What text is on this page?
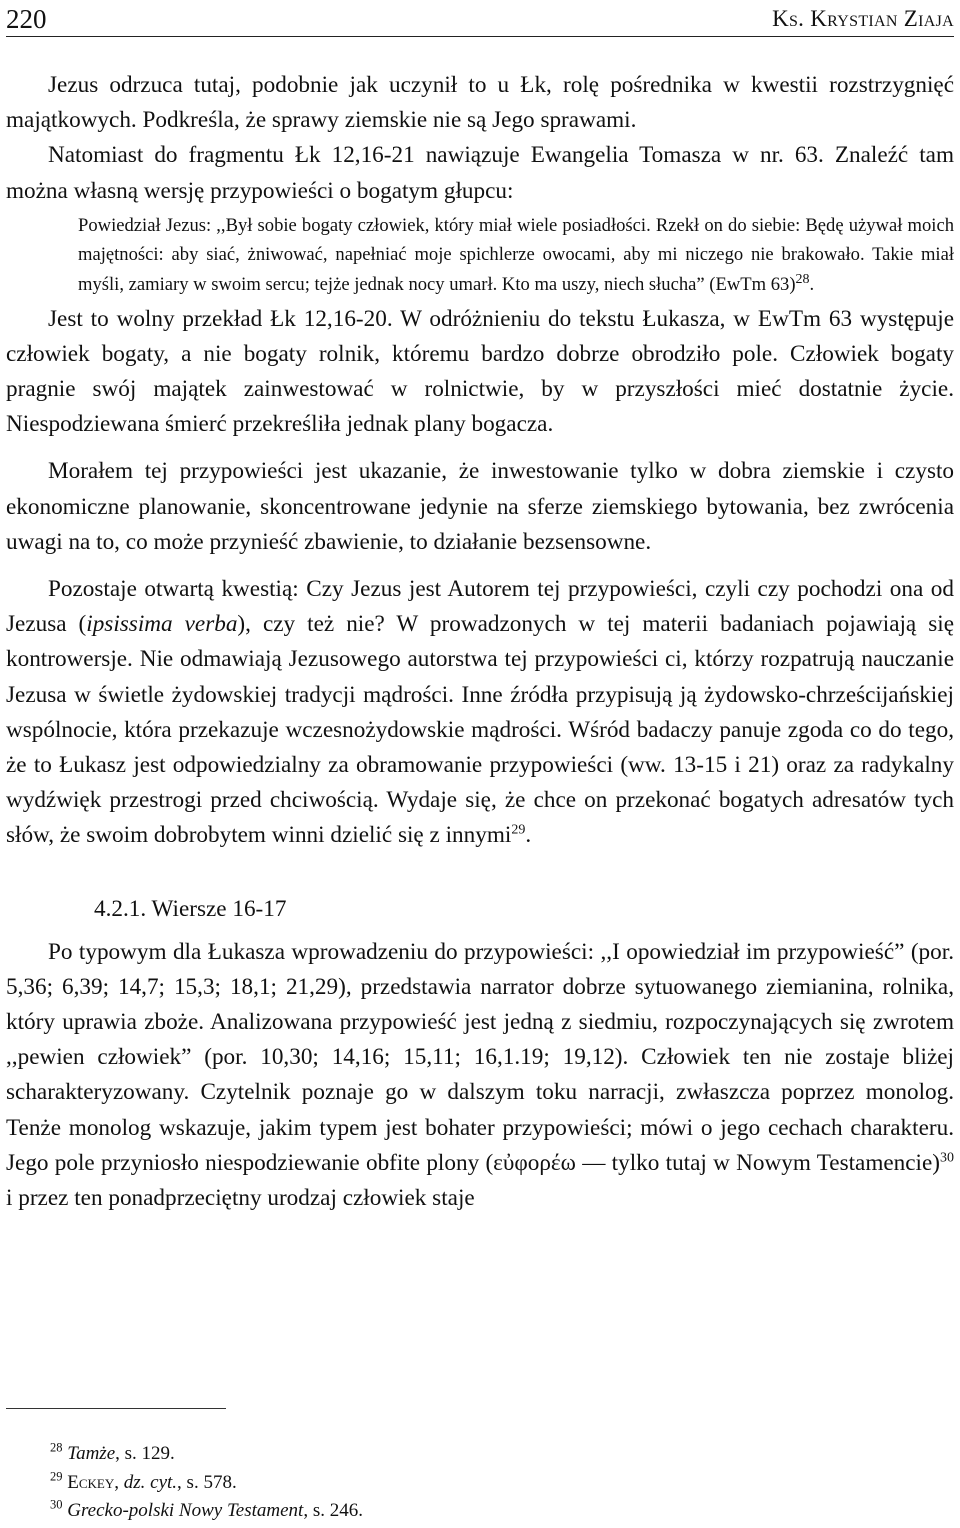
220	Ks. Krystian Ziaja

Jezus odrzuca tutaj, podobnie jak uczynił to u Łk, rolę pośrednika w kwestii rozstrzygnięć majątkowych. Podkreśla, że sprawy ziemskie nie są Jego sprawami.

Natomiast do fragmentu Łk 12,16-21 nawiązuje Ewangelia Tomasza w nr. 63. Znaleźć tam można własną wersję przypowieści o bogatym głupcu:

Powiedział Jezus: ,,Był sobie bogaty człowiek, który miał wiele posiadłości. Rzekł on do siebie: Będę używał moich majętności: aby siać, żniwować, napełniać moje spichlerze owocami, aby mi niczego nie brakowało. Takie miał myśli, zamiary w swoim sercu; tejże jednak nocy umarł. Kto ma uszy, niech słucha” (EwTm 63)$^{28}$.

Jest to wolny przekład Łk 12,16-20. W odróżnieniu do tekstu Łukasza, w EwTm 63 występuje człowiek bogaty, a nie bogaty rolnik, któremu bardzo dobrze obrodziło pole. Człowiek bogaty pragnie swój majątek zainwestować w rolnictwie, by w przyszłości mieć dostatnie życie. Niespodziewana śmierć przekreśliła jednak plany bogacza.

Morałem tej przypowieści jest ukazanie, że inwestowanie tylko w dobra ziemskie i czysto ekonomiczne planowanie, skoncentrowane jedynie na sferze ziemskiego bytowania, bez zwrócenia uwagi na to, co może przynieść zbawienie, to działanie bezsensowne.

Pozostaje otwartą kwestią: Czy Jezus jest Autorem tej przypowieści, czyli czy pochodzi ona od Jezusa (ipsissima verba), czy też nie? W prowadzonych w tej materii badaniach pojawiają się kontrowersje. Nie odmawiają Jezusowego autorstwa tej przypowieści ci, którzy rozpatrują nauczanie Jezusa w świetle żydowskiej tradycji mądrości. Inne źródła przypisują ją żydowsko-chrześcijańskiej wspólnocie, która przekazuje wczesnożydowskie mądrości. Wśród badaczy panuje zgoda co do tego, że to Łukasz jest odpowiedzialny za obramowanie przypowieści (ww. 13-15 i 21) oraz za radykalny wydźwięk przestrogi przed chciwością. Wydaje się, że chce on przekonać bogatych adresatów tych słów, że swoim dobrobytem winni dzielić się z innymi$^{29}$.

4.2.1. Wiersze 16-17

Po typowym dla Łukasza wprowadzeniu do przypowieści: ,,I opowiedział im przypowieść” (por. 5,36; 6,39; 14,7; 15,3; 18,1; 21,29), przedstawia narrator dobrze sytuowanego ziemianina, rolnika, który uprawia zboże. Analizowana przypowieść jest jedną z siedmiu, rozpoczynających się zwrotem ,,pewien człowiek” (por. 10,30; 14,16; 15,11; 16,1.19; 19,12). Człowiek ten nie zostaje bliżej scharakteryzowany. Czytelnik poznaje go w dalszym toku narracji, zwłaszcza poprzez monolog. Tenże monolog wskazuje, jakim typem jest bohater przypowieści; mówi o jego cechach charakteru. Jego pole przyniosło niespodziewanie obfite plony (εὐφορέω — tylko tutaj w Nowym Testamencie)$^{30}$ i przez ten ponadprzeciętny urodzaj człowiek staje

$^{28}$ Tamże, s. 129.
$^{29}$ Eckey, dz. cyt., s. 578.
$^{30}$ Grecko-polski Nowy Testament, s. 246.
